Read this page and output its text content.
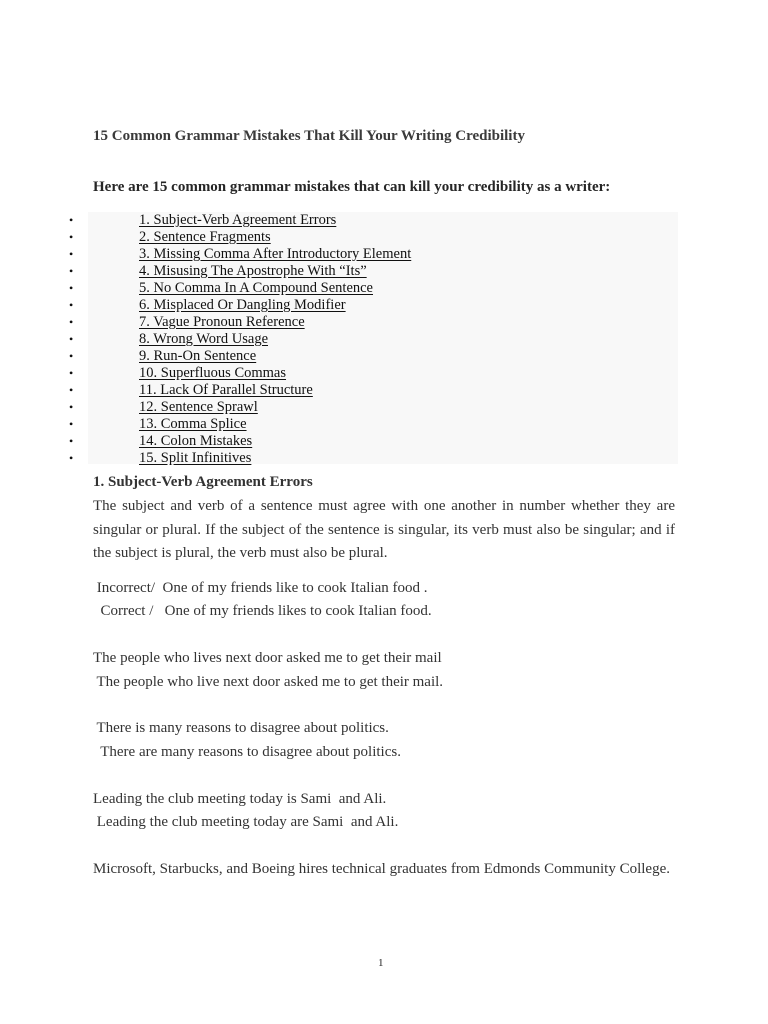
15 Common Grammar Mistakes That Kill Your Writing Credibility
Here are 15 common grammar mistakes that can kill your credibility as a writer:
•	1. Subject-Verb Agreement Errors
•	2. Sentence Fragments
•	3. Missing Comma After Introductory Element
•	4. Misusing The Apostrophe With “Its”
•	5. No Comma In A Compound Sentence
•	6. Misplaced Or Dangling Modifier
•	7. Vague Pronoun Reference
•	8. Wrong Word Usage
•	9. Run-On Sentence
•	10. Superfluous Commas
•	11. Lack Of Parallel Structure
•	12. Sentence Sprawl
•	13. Comma Splice
•	14. Colon Mistakes
•	15. Split Infinitives
1. Subject-Verb Agreement Errors
The subject and verb of a sentence must agree with one another in number whether they are singular or plural. If the subject of the sentence is singular, its verb must also be singular; and if the subject is plural, the verb must also be plural.
Incorrect/  One of my friends like to cook Italian food .
Correct /   One of my friends likes to cook Italian food.
The people who lives next door asked me to get their mail
The people who live next door asked me to get their mail.
There is many reasons to disagree about politics.
There are many reasons to disagree about politics.
Leading the club meeting today is Sami  and Ali.
Leading the club meeting today are Sami  and Ali.
Microsoft, Starbucks, and Boeing hires technical graduates from Edmonds Community College.
1
